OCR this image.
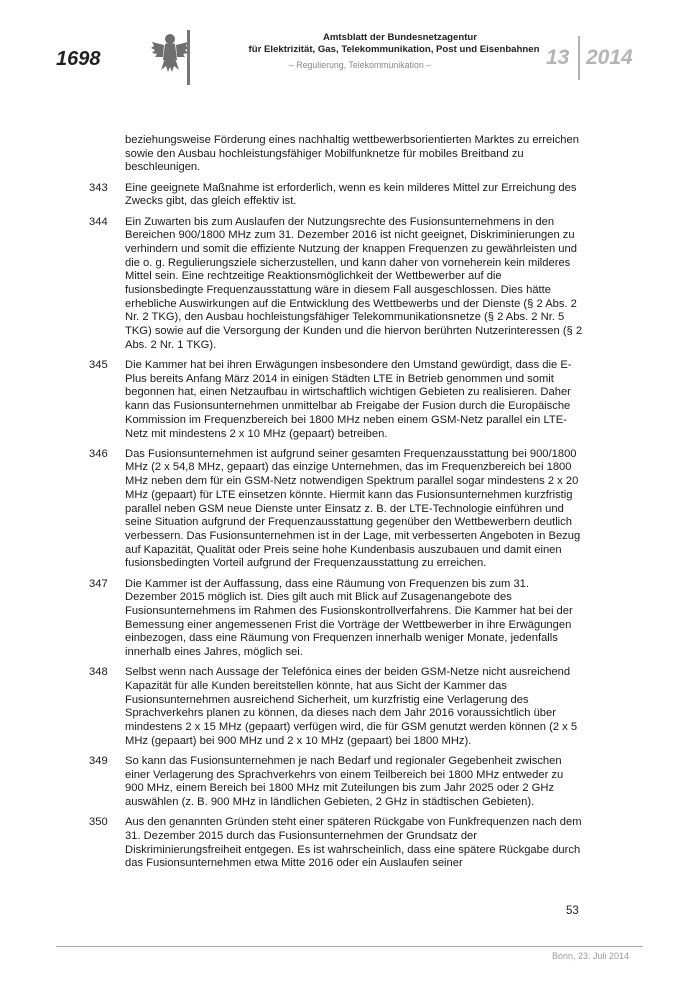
1698
Amtsblatt der Bundesnetzagentur
für Elektrizität, Gas, Telekommunikation, Post und Eisenbahnen
– Regulierung, Telekommunikation –	13 2014
beziehungsweise Förderung eines nachhaltig wettbewerbsorientierten Marktes zu erreichen sowie den Ausbau hochleistungsfähiger Mobilfunknetze für mobiles Breitband zu beschleunigen.
343 Eine geeignete Maßnahme ist erforderlich, wenn es kein milderes Mittel zur Erreichung des Zwecks gibt, das gleich effektiv ist.
344 Ein Zuwarten bis zum Auslaufen der Nutzungsrechte des Fusionsunternehmens in den Bereichen 900/1800 MHz zum 31. Dezember 2016 ist nicht geeignet, Diskriminierungen zu verhindern und somit die effiziente Nutzung der knappen Frequenzen zu gewährleisten und die o. g. Regulierungsziele sicherzustellen, und kann daher von vorneherein kein milderes Mittel sein. Eine rechtzeitige Reaktionsmöglichkeit der Wettbewerber auf die fusionsbedingte Frequenzausstattung wäre in diesem Fall ausgeschlossen. Dies hätte erhebliche Auswirkungen auf die Entwicklung des Wettbewerbs und der Dienste (§ 2 Abs. 2 Nr. 2 TKG), den Ausbau hochleistungsfähiger Telekommunikationsnetze (§ 2 Abs. 2 Nr. 5 TKG) sowie auf die Versorgung der Kunden und die hiervon berührten Nutzerinteressen (§ 2 Abs. 2 Nr. 1 TKG).
345 Die Kammer hat bei ihren Erwägungen insbesondere den Umstand gewürdigt, dass die E-Plus bereits Anfang März 2014 in einigen Städten LTE in Betrieb genommen und somit begonnen hat, einen Netzaufbau in wirtschaftlich wichtigen Gebieten zu realisieren. Daher kann das Fusionsunternehmen unmittelbar ab Freigabe der Fusion durch die Europäische Kommission im Frequenzbereich bei 1800 MHz neben einem GSM-Netz parallel ein LTE-Netz mit mindestens 2 x 10 MHz (gepaart) betreiben.
346 Das Fusionsunternehmen ist aufgrund seiner gesamten Frequenzausstattung bei 900/1800 MHz (2 x 54,8 MHz, gepaart) das einzige Unternehmen, das im Frequenzbereich bei 1800 MHz neben dem für ein GSM-Netz notwendigen Spektrum parallel sogar mindestens 2 x 20 MHz (gepaart) für LTE einsetzen könnte. Hiermit kann das Fusionsunternehmen kurzfristig parallel neben GSM neue Dienste unter Einsatz z. B. der LTE-Technologie einführen und seine Situation aufgrund der Frequenzausstattung gegenüber den Wettbewerbern deutlich verbessern. Das Fusionsunternehmen ist in der Lage, mit verbesserten Angeboten in Bezug auf Kapazität, Qualität oder Preis seine hohe Kundenbasis auszubauen und damit einen fusionsbedingten Vorteil aufgrund der Frequenzausstattung zu erreichen.
347 Die Kammer ist der Auffassung, dass eine Räumung von Frequenzen bis zum 31. Dezember 2015 möglich ist. Dies gilt auch mit Blick auf Zusagenangebote des Fusionsunternehmens im Rahmen des Fusionskontrollverfahrens. Die Kammer hat bei der Bemessung einer angemessenen Frist die Vorträge der Wettbewerber in ihre Erwägungen einbezogen, dass eine Räumung von Frequenzen innerhalb weniger Monate, jedenfalls innerhalb eines Jahres, möglich sei.
348 Selbst wenn nach Aussage der Telefónica eines der beiden GSM-Netze nicht ausreichend Kapazität für alle Kunden bereitstellen könnte, hat aus Sicht der Kammer das Fusionsunternehmen ausreichend Sicherheit, um kurzfristig eine Verlagerung des Sprachverkehrs planen zu können, da dieses nach dem Jahr 2016 voraussichtlich über mindestens 2 x 15 MHz (gepaart) verfügen wird, die für GSM genutzt werden können (2 x 5 MHz (gepaart) bei 900 MHz und 2 x 10 MHz (gepaart) bei 1800 MHz).
349 So kann das Fusionsunternehmen je nach Bedarf und regionaler Gegebenheit zwischen einer Verlagerung des Sprachverkehrs von einem Teilbereich bei 1800 MHz entweder zu 900 MHz, einem Bereich bei 1800 MHz mit Zuteilungen bis zum Jahr 2025 oder 2 GHz auswählen (z. B. 900 MHz in ländlichen Gebieten, 2 GHz in städtischen Gebieten).
350 Aus den genannten Gründen steht einer späteren Rückgabe von Funkfrequenzen nach dem 31. Dezember 2015 durch das Fusionsunternehmen der Grundsatz der Diskriminierungsfreiheit entgegen. Es ist wahrscheinlich, dass eine spätere Rückgabe durch das Fusionsunternehmen etwa Mitte 2016 oder ein Auslaufen seiner
53
Bonn, 23. Juli 2014
